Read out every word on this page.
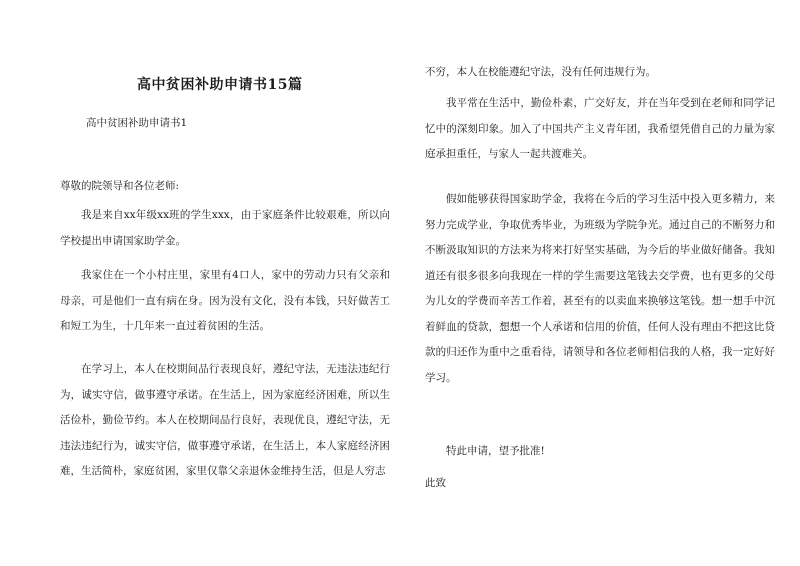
高中贫困补助申请书15篇
高中贫困补助申请书1
尊敬的院领导和各位老师:

我是来自xx年级xx班的学生xxx，由于家庭条件比较艰难，所以向学校提出申请国家助学金。

我家住在一个小村庄里，家里有4口人，家中的劳动力只有父亲和母亲，可是他们一直有病在身。因为没有文化，没有本钱，只好做苦工和短工为生，十几年来一直过着贫困的生活。

在学习上，本人在校期间品行表现良好，遵纪守法，无违法违纪行为，诚实守信，做事遵守承诺。在生活上，因为家庭经济困难，所以生活俭朴，勤俭节约。本人在校期间品行良好，表现优良，遵纪守法，无违法违纪行为，诚实守信，做事遵守承诺，在生活上，本人家庭经济困难，生活简朴，家庭贫困，家里仅靠父亲退休金维持生活，但是人穷志

不穷，本人在校能遵纪守法，没有任何违规行为。

我平常在生活中，勤俭朴素，广交好友，并在当年受到在老师和同学记忆中的深刻印象。加入了中国共产主义青年团，我希望凭借自己的力量为家庭承担重任，与家人一起共渡难关。

假如能够获得国家助学金，我将在今后的学习生活中投入更多精力，来努力完成学业，争取优秀毕业，为班级为学院争光。通过自己的不断努力和不断汲取知识的方法来为将来打好坚实基础，为今后的毕业做好储备。我知道还有很多很多向我现在一样的学生需要这笔钱去交学费，也有更多的父母为儿女的学费而辛苦工作着，甚至有的以卖血来换够这笔钱。想一想手中沉着鲜血的贷款，想想一个人承诺和信用的价值，任何人没有理由不把这比贷款的归还作为重中之重看待，请领导和各位老师相信我的人格，我一定好好学习。

特此申请，望予批准!

此致
